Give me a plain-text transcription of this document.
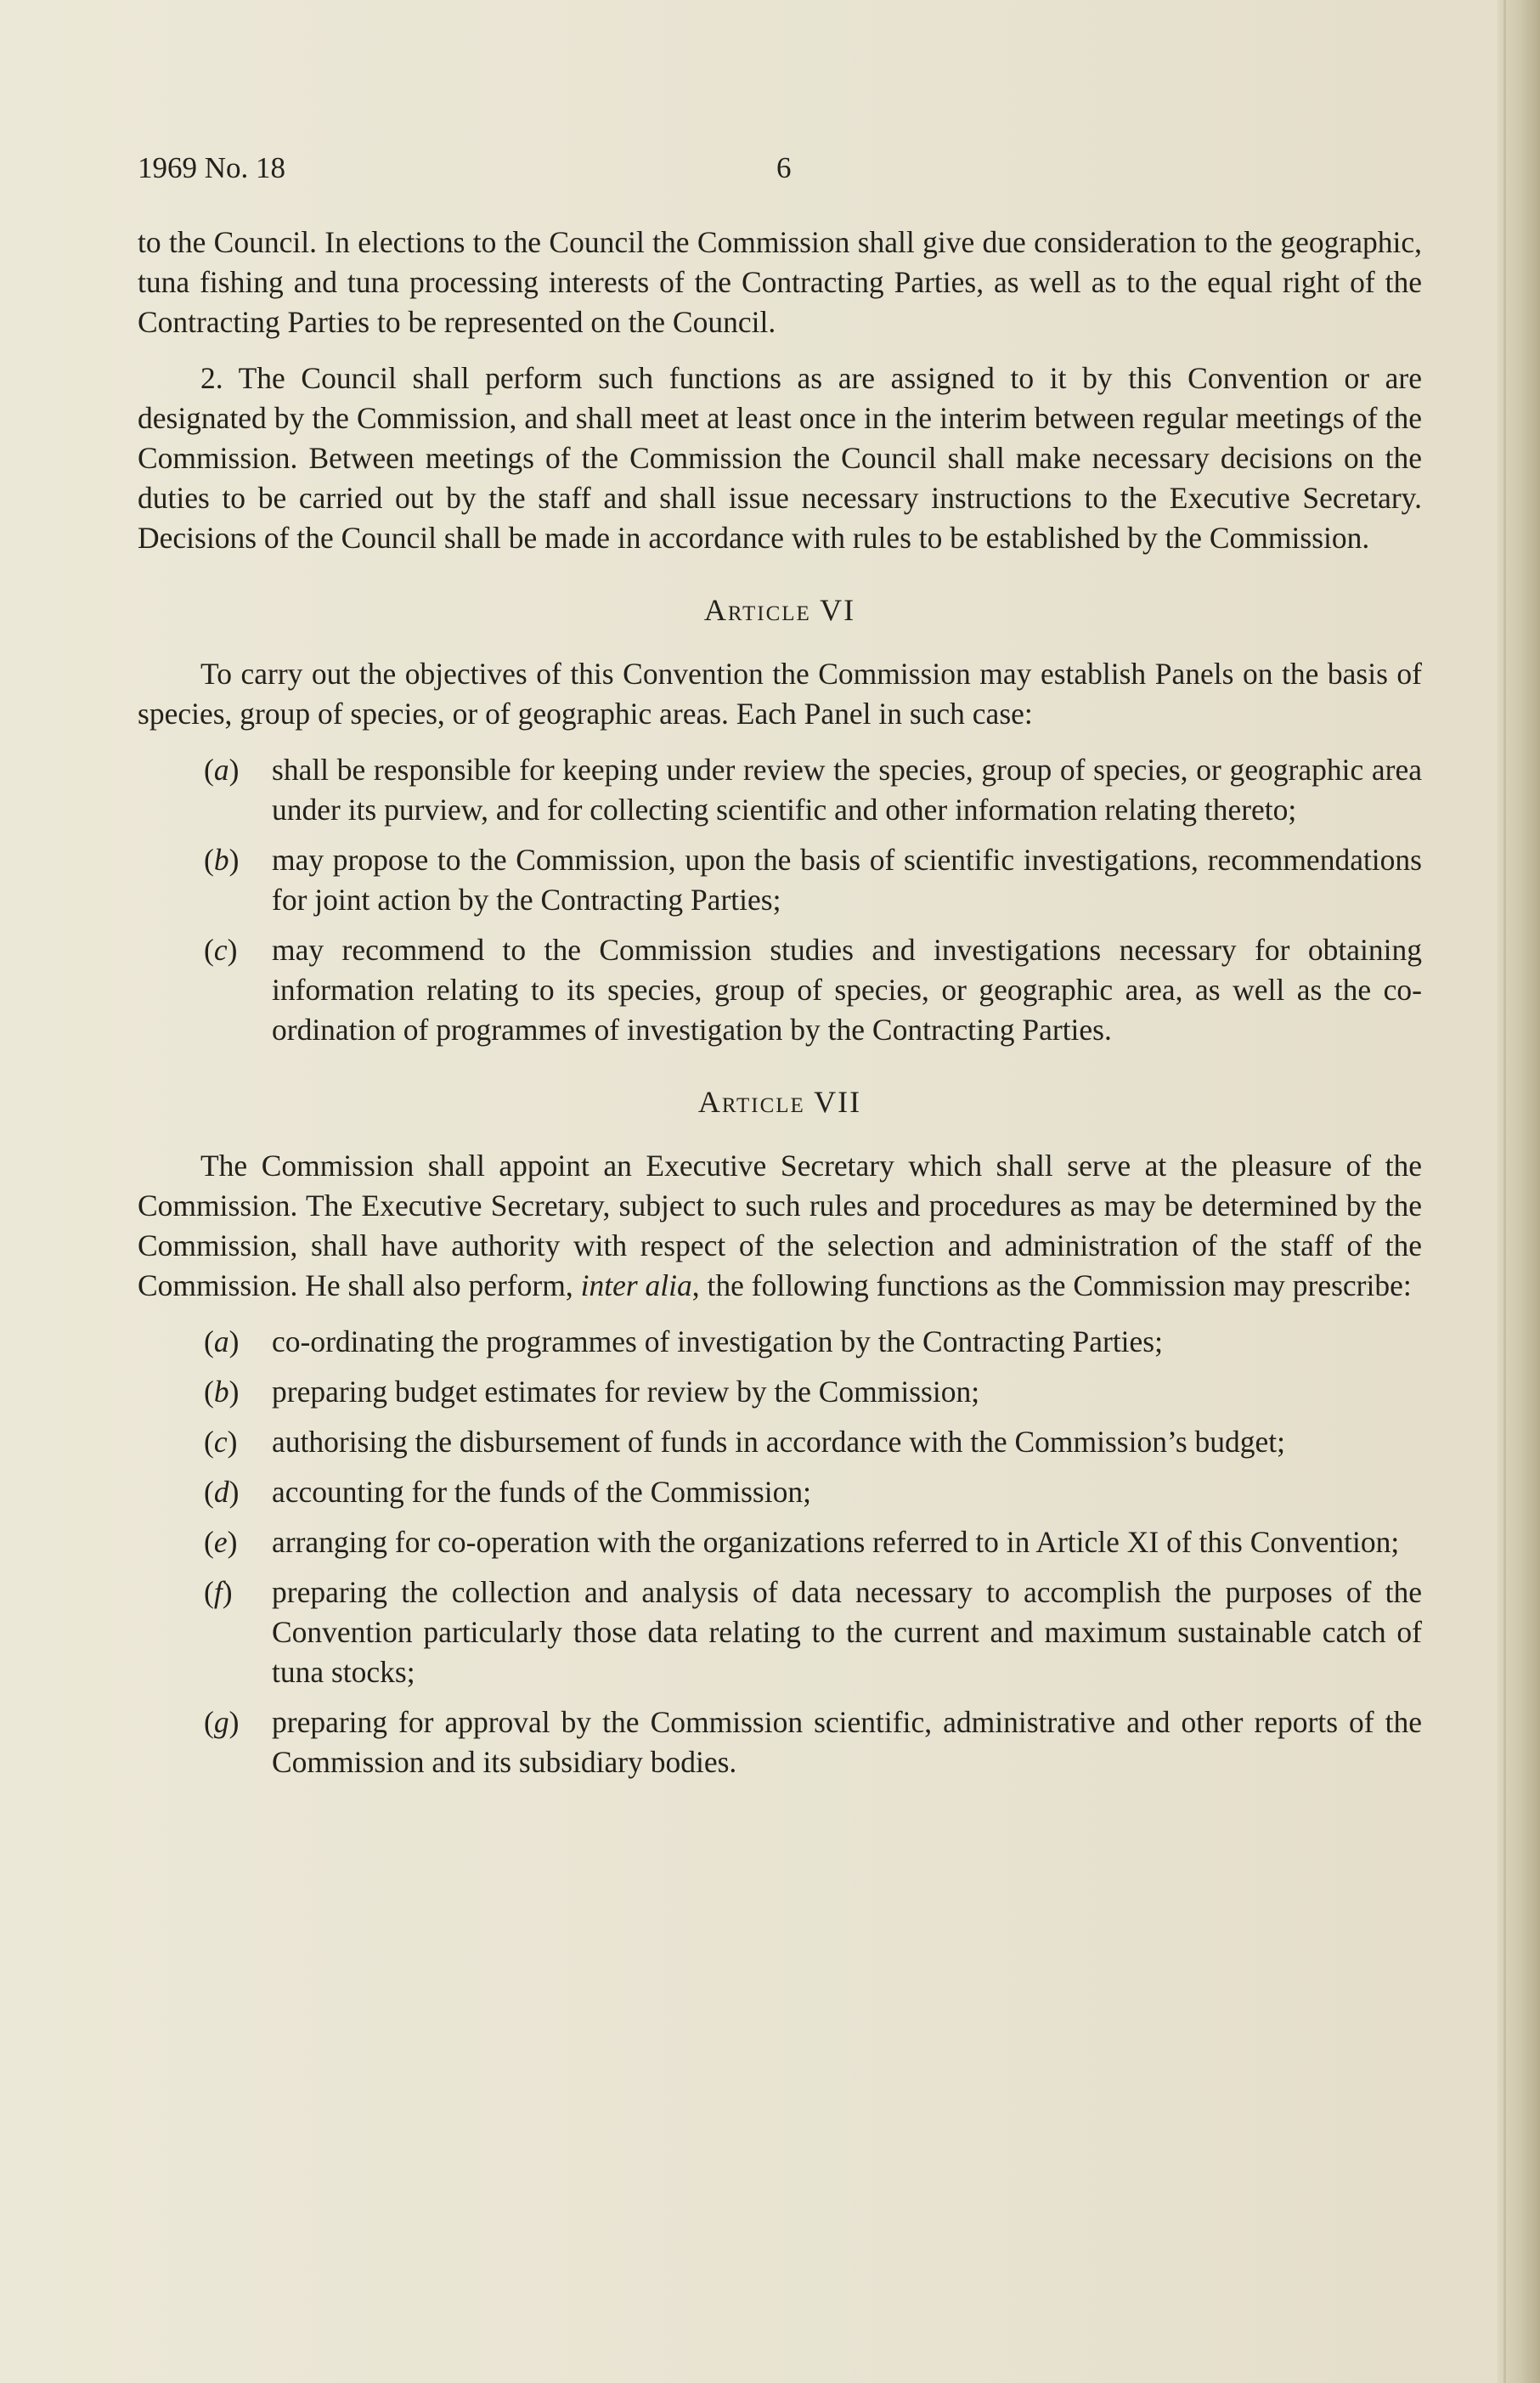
1969 No. 18	6

to the Council. In elections to the Council the Commission shall give due consideration to the geographic, tuna fishing and tuna processing interests of the Contracting Parties, as well as to the equal right of the Contracting Parties to be represented on the Council.

2. The Council shall perform such functions as are assigned to it by this Convention or are designated by the Commission, and shall meet at least once in the interim between regular meetings of the Commission. Between meetings of the Commission the Council shall make necessary decisions on the duties to be carried out by the staff and shall issue necessary instructions to the Executive Secretary. Decisions of the Council shall be made in accordance with rules to be established by the Commission.

Article VI

To carry out the objectives of this Convention the Commission may establish Panels on the basis of species, group of species, or of geographic areas. Each Panel in such case:

(a)	shall be responsible for keeping under review the species, group of species, or geographic area under its purview, and for collecting scientific and other information relating thereto;
(b)	may propose to the Commission, upon the basis of scientific investigations, recommendations for joint action by the Contracting Parties;
(c)	may recommend to the Commission studies and investigations necessary for obtaining information relating to its species, group of species, or geographic area, as well as the co-ordination of programmes of investigation by the Contracting Parties.
Article VII

The Commission shall appoint an Executive Secretary which shall serve at the pleasure of the Commission. The Executive Secretary, subject to such rules and procedures as may be determined by the Commission, shall have authority with respect of the selection and administration of the staff of the Commission. He shall also perform, inter alia, the following functions as the Commission may prescribe:

(a)	co-ordinating the programmes of investigation by the Contracting Parties;
(b)	preparing budget estimates for review by the Commission;
(c)	authorising the disbursement of funds in accordance with the Commission’s budget;
(d)	accounting for the funds of the Commission;
(e)	arranging for co-operation with the organizations referred to in Article XI of this Convention;
(f)	preparing the collection and analysis of data necessary to accomplish the purposes of the Convention particularly those data relating to the current and maximum sustainable catch of tuna stocks;
(g)	preparing for approval by the Commission scientific, administrative and other reports of the Commission and its subsidiary bodies.
